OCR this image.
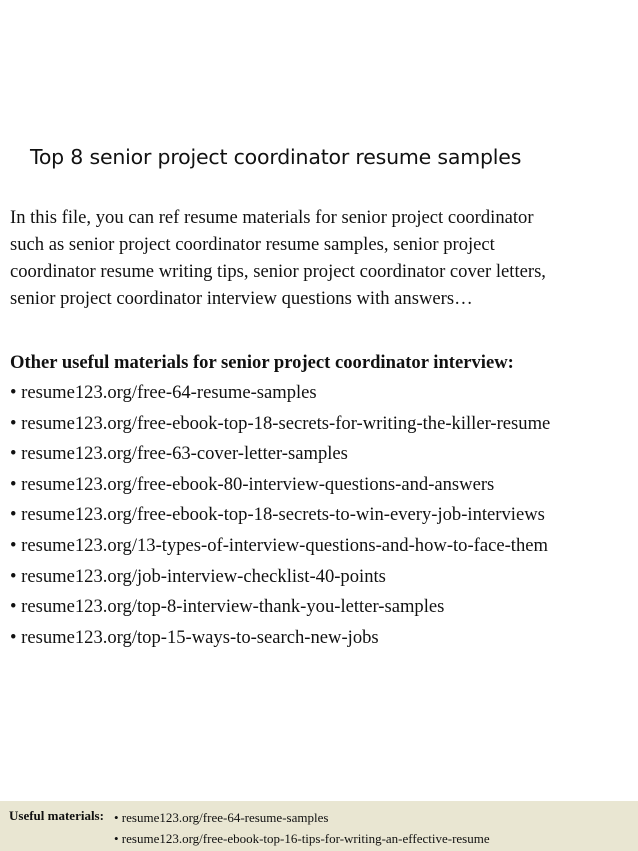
Top 8 senior project coordinator resume samples
In this file, you can ref resume materials for senior project coordinator
such as senior project coordinator resume samples, senior project
coordinator resume writing tips, senior project coordinator cover letters,
senior project coordinator interview questions with answers…
Other useful materials for senior project coordinator interview:
• resume123.org/free-64-resume-samples
• resume123.org/free-ebook-top-18-secrets-for-writing-the-killer-resume
• resume123.org/free-63-cover-letter-samples
• resume123.org/free-ebook-80-interview-questions-and-answers
• resume123.org/free-ebook-top-18-secrets-to-win-every-job-interviews
• resume123.org/13-types-of-interview-questions-and-how-to-face-them
• resume123.org/job-interview-checklist-40-points
• resume123.org/top-8-interview-thank-you-letter-samples
• resume123.org/top-15-ways-to-search-new-jobs
Useful materials: • resume123.org/free-64-resume-samples
• resume123.org/free-ebook-top-16-tips-for-writing-an-effective-resume
